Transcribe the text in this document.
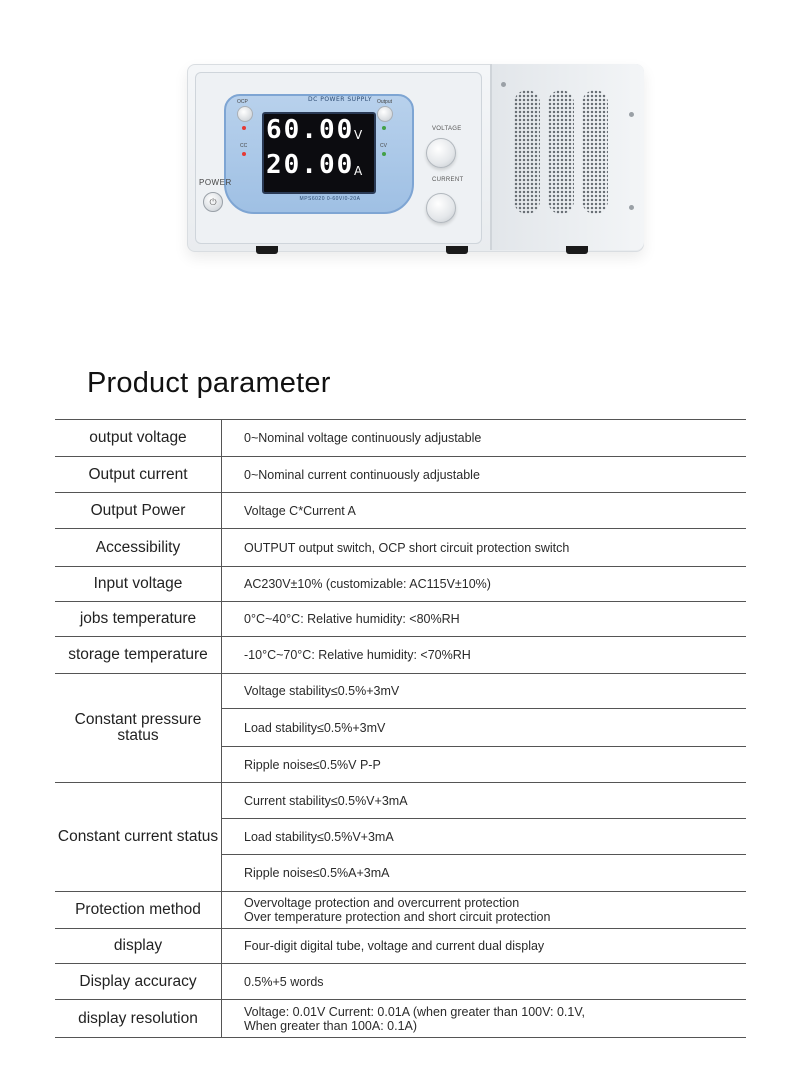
DC POWER SUPPLY
60.00 V
20.00 A
MPS6020 0-60V/0-20A
OCP
CC
Output
CV
VOLTAGE
CURRENT
POWER
⏻
Product parameter
output voltage	0~Nominal voltage continuously adjustable
Output current	0~Nominal current continuously adjustable
Output Power	Voltage C*Current A
Accessibility	OUTPUT output switch, OCP short circuit protection switch
Input voltage	AC230V±10% (customizable: AC115V±10%)
jobs temperature	0°C~40°C: Relative humidity: <80%RH
storage temperature	-10°C~70°C: Relative humidity: <70%RH
Constant pressure status	Voltage stability≤0.5%+3mV
	Load stability≤0.5%+3mV
	Ripple noise≤0.5%V P-P
Constant current status	Current stability≤0.5%V+3mA
	Load stability≤0.5%V+3mA
	Ripple noise≤0.5%A+3mA
Protection method	Overvoltage protection and overcurrent protection
Over temperature protection and short circuit protection

display	Four-digit digital tube, voltage and current dual display
Display accuracy	0.5%+5 words
display resolution	Voltage: 0.01V Current: 0.01A (when greater than 100V: 0.1V,
When greater than 100A: 0.1A)
